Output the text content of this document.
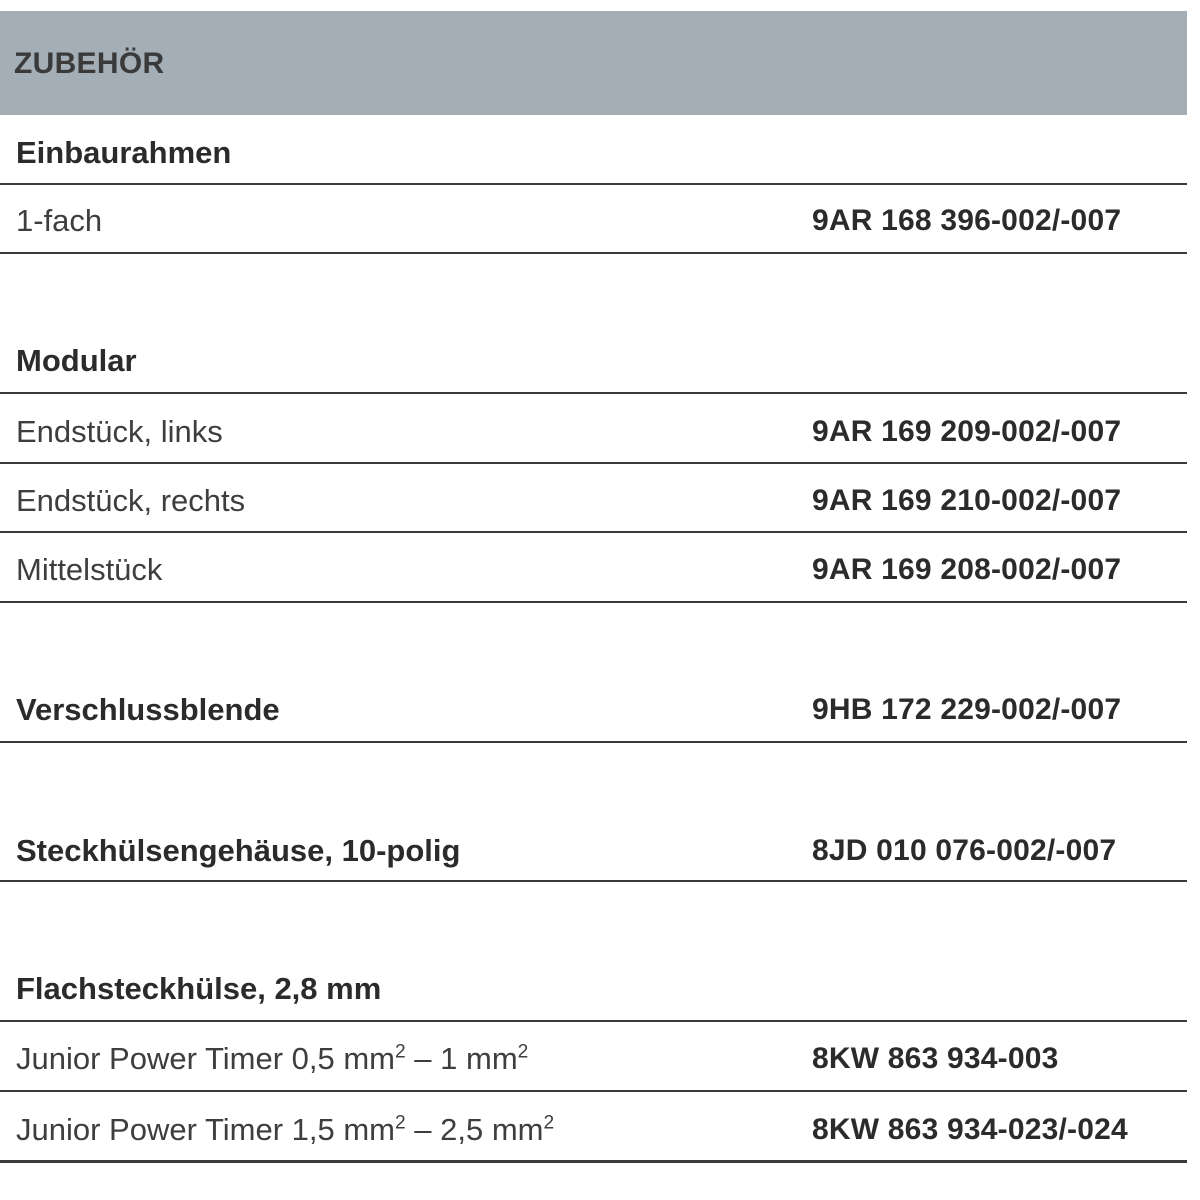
ZUBEHÖR
Einbaurahmen
1-fach	9AR 168 396-002/-007
Modular
Endstück, links	9AR 169 209-002/-007
Endstück, rechts	9AR 169 210-002/-007
Mittelstück	9AR 169 208-002/-007
Verschlussblende	9HB 172 229-002/-007
Steckhülsengehäuse, 10-polig	8JD 010 076-002/-007
Flachsteckhülse, 2,8 mm
Junior Power Timer 0,5 $mm^2 - 1$ $mm^2$	8KW 863 934-003
Junior Power Timer 1,5 $mm^2 - 2,5$ $mm^2$	8KW 863 934-023/-024
